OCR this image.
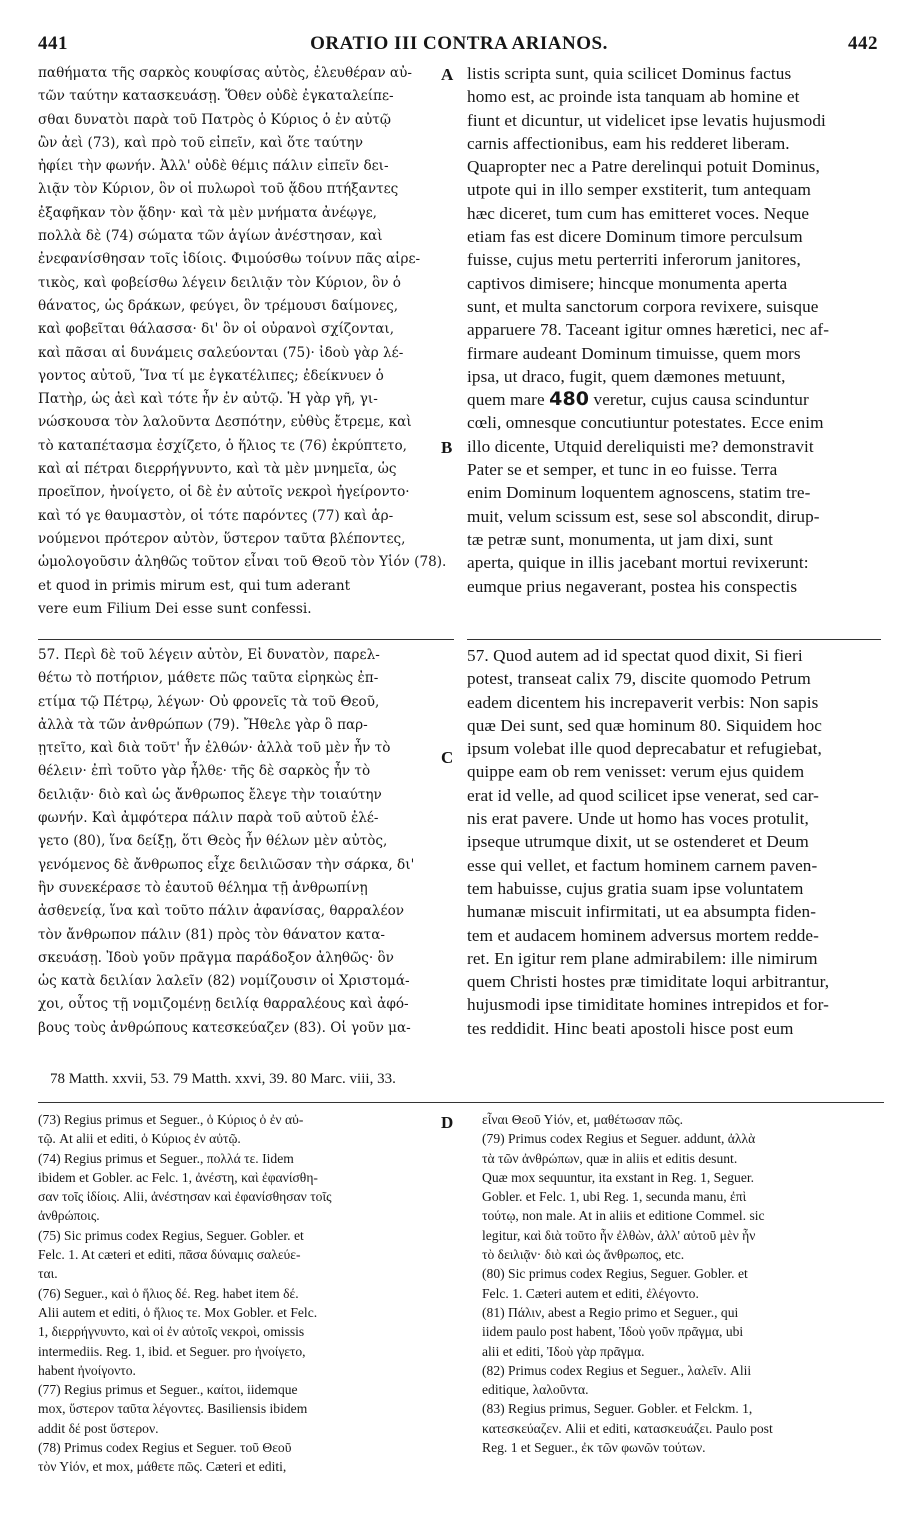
441	ORATIO III CONTRA ARIANOS.	442
A
B
C
D
παθήματα τῆς σαρκὸς κουφίσας αὐτὸς, ἐλευθέραν αὐ-
τῶν ταύτην κατασκευάσῃ. Ὅθεν οὐδὲ ἐγκαταλείπε-
σθαι δυνατὸι παρὰ τοῦ Πατρὸς ὁ Κύριος ὁ ἐν αὐτῷ
ὢν ἀεὶ (73), καὶ πρὸ τοῦ εἰπεῖν, καὶ ὅτε ταύτην
ἠφίει τὴν φωνήν. Ἀλλ' οὐδὲ θέμις πάλιν εἰπεῖν δει-
λιᾷν τὸν Κύριον, ὃν οἱ πυλωροὶ τοῦ ᾅδου πτήξαντες
ἐξαφῆκαν τὸν ᾅδην· καὶ τὰ μὲν μνήματα ἀνέῳγε,
πολλὰ δὲ (74) σώματα τῶν ἁγίων ἀνέστησαν, καὶ
ἐνεφανίσθησαν τοῖς ἰδίοις. Φιμούσθω τοίνυν πᾶς αἱρε-
τικὸς, καὶ φοβείσθω λέγειν δειλιᾷν τὸν Κύριον, ὃν ὁ
θάνατος, ὡς δράκων, φεύγει, ὃν τρέμουσι δαίμονες,
καὶ φοβεῖται θάλασσα· δι' ὃν οἱ οὐρανοὶ σχίζονται,
καὶ πᾶσαι αἱ δυνάμεις σαλεύονται (75)· ἰδοὺ γὰρ λέ-
γοντος αὐτοῦ, Ἵνα τί με ἐγκατέλιπες; ἐδείκνυεν ὁ
Πατὴρ, ὡς ἀεὶ καὶ τότε ἦν ἐν αὐτῷ. Ἡ γὰρ γῆ, γι-
νώσκουσα τὸν λαλοῦντα Δεσπότην, εὐθὺς ἔτρεμε, καὶ
τὸ καταπέτασμα ἐσχίζετο, ὁ ἥλιος τε (76) ἐκρύπτετο,
καὶ αἱ πέτραι διερρήγνυντο, καὶ τὰ μὲν μνημεῖα, ὡς
προεῖπον, ἠνοίγετο, οἱ δὲ ἐν αὐτοῖς νεκροὶ ἠγείροντο·
καὶ τό γε θαυμαστὸν, οἱ τότε παρόντες (77) καὶ ἀρ-
νούμενοι πρότερον αὐτὸν, ὕστερον ταῦτα βλέποντες,
ὡμολογοῦσιν ἀληθῶς τοῦτον εἶναι τοῦ Θεοῦ τὸν Υἱόν (78).
et quod in primis mirum est, qui tum aderant
vere eum Filium Dei esse sunt confessi.
listis scripta sunt, quia scilicet Dominus factus
homo est, ac proinde ista tanquam ab homine et
fiunt et dicuntur, ut videlicet ipse levatis hujusmodi
carnis affectionibus, eam his redderet liberam.
Quapropter nec a Patre derelinqui potuit Dominus,
utpote qui in illo semper exstiterit, tum antequam
hæc diceret, tum cum has emitteret voces. Neque
etiam fas est dicere Dominum timore perculsum
fuisse, cujus metu perterriti inferorum janitores,
captivos dimisere; hincque monumenta aperta
sunt, et multa sanctorum corpora revixere, suisque
apparuere 78. Taceant igitur omnes hæretici, nec af-
firmare audeant Dominum timuisse, quem mors
ipsa, ut draco, fugit, quem dæmones metuunt,
quem mare 480 veretur, cujus causa scinduntur
cœli, omnesque concutiuntur potestates. Ecce enim
illo dicente, Utquid dereliquisti me? demonstravit
Pater se et semper, et tunc in eo fuisse. Terra
enim Dominum loquentem agnoscens, statim tre-
muit, velum scissum est, sese sol abscondit, dirup-
tæ petræ sunt, monumenta, ut jam dixi, sunt
aperta, quique in illis jacebant mortui revixerunt:
eumque prius negaverant, postea his conspectis
57. Περὶ δὲ τοῦ λέγειν αὐτὸν, Εἰ δυνατὸν, παρελ-
θέτω τὸ ποτήριον, μάθετε πῶς ταῦτα εἰρηκὼς ἐπ-
ετίμα τῷ Πέτρῳ, λέγων· Οὐ φρονεῖς τὰ τοῦ Θεοῦ,
ἀλλὰ τὰ τῶν ἀνθρώπων (79). Ἤθελε γὰρ ὃ παρ-
ῃτεῖτο, καὶ διὰ τοῦτ' ἦν ἐλθών· ἀλλὰ τοῦ μὲν ἦν τὸ
θέλειν· ἐπὶ τοῦτο γὰρ ἦλθε· τῆς δὲ σαρκὸς ἦν τὸ
δειλιᾷν· διὸ καὶ ὡς ἄνθρωπος ἔλεγε τὴν τοιαύτην
φωνήν. Καὶ ἀμφότερα πάλιν παρὰ τοῦ αὐτοῦ ἐλέ-
γετο (80), ἵνα δείξῃ, ὅτι Θεὸς ἦν θέλων μὲν αὐτὸς,
γενόμενος δὲ ἄνθρωπος εἶχε δειλιῶσαν τὴν σάρκα, δι'
ἣν συνεκέρασε τὸ ἑαυτοῦ θέλημα τῇ ἀνθρωπίνῃ
ἀσθενείᾳ, ἵνα καὶ τοῦτο πάλιν ἀφανίσας, θαρραλέον
τὸν ἄνθρωπον πάλιν (81) πρὸς τὸν θάνατον κατα-
σκευάσῃ. Ἰδοὺ γοῦν πρᾶγμα παράδοξον ἀληθῶς· ὃν
ὡς κατὰ δειλίαν λαλεῖν (82) νομίζουσιν οἱ Χριστομά-
χοι, οὗτος τῇ νομιζομένῃ δειλίᾳ θαρραλέους καὶ ἀφό-
βους τοὺς ἀνθρώπους κατεσκεύαζεν (83). Οἱ γοῦν μα-
57. Quod autem ad id spectat quod dixit, Si fieri
potest, transeat calix 79, discite quomodo Petrum
eadem dicentem his increpaverit verbis: Non sapis
quæ Dei sunt, sed quæ hominum 80. Siquidem hoc
ipsum volebat ille quod deprecabatur et refugiebat,
quippe eam ob rem venisset: verum ejus quidem
erat id velle, ad quod scilicet ipse venerat, sed car-
nis erat pavere. Unde ut homo has voces protulit,
ipseque utrumque dixit, ut se ostenderet et Deum
esse qui vellet, et factum hominem carnem paven-
tem habuisse, cujus gratia suam ipse voluntatem
humanæ miscuit infirmitati, ut ea absumpta fiden-
tem et audacem hominem adversus mortem redde-
ret. En igitur rem plane admirabilem: ille nimirum
quem Christi hostes præ timiditate loqui arbitrantur,
hujusmodi ipse timiditate homines intrepidos et for-
tes reddidit. Hinc beati apostoli hisce post eum
78 Matth. xxvii, 53. 79 Matth. xxvi, 39. 80 Marc. viii, 33.
(73) Regius primus et Seguer., ὁ Κύριος ὁ ἐν αὐ-
τῷ. At alii et editi, ὁ Κύριος ἐν αὐτῷ.
(74) Regius primus et Seguer., πολλά τε. Iidem
ibidem et Gobler. ac Felc. 1, ἀνέστη, καὶ ἐφανίσθη-
σαν τοῖς ἰδίοις. Alii, ἀνέστησαν καὶ ἐφανίσθησαν τοῖς
ἀνθρώποις.
(75) Sic primus codex Regius, Seguer. Gobler. et
Felc. 1. At cæteri et editi, πᾶσα δύναμις σαλεύε-
ται.
(76) Seguer., καὶ ὁ ἥλιος δέ. Reg. habet item δέ.
Alii autem et editi, ὁ ἥλιος τε. Mox Gobler. et Felc.
1, διερρήγνυντο, καὶ οἱ ἐν αὐτοῖς νεκροὶ, omissis
intermediis. Reg. 1, ibid. et Seguer. pro ἠνοίγετο,
habent ἠνοίγοντο.
(77) Regius primus et Seguer., καίτοι, iidemque
mox, ὕστερον ταῦτα λέγοντες. Basiliensis ibidem
addit δέ post ὕστερον.
(78) Primus codex Regius et Seguer. τοῦ Θεοῦ
τὸν Υἱόν, et mox, μάθετε πῶς. Cæteri et editi,
εἶναι Θεοῦ Υἱόν, et, μαθέτωσαν πῶς.
(79) Primus codex Regius et Seguer. addunt, ἀλλὰ
τὰ τῶν ἀνθρώπων, quæ in aliis et editis desunt.
Quæ mox sequuntur, ita exstant in Reg. 1, Seguer.
Gobler. et Felc. 1, ubi Reg. 1, secunda manu, ἐπὶ
τούτῳ, non male. At in aliis et editione Commel. sic
legitur, καὶ διὰ τοῦτο ἦν ἐλθὼν, ἀλλ' αὐτοῦ μὲν ἦν
τὸ δειλιᾷν· διὸ καὶ ὡς ἄνθρωπος, etc.
(80) Sic primus codex Regius, Seguer. Gobler. et
Felc. 1. Cæteri autem et editi, ἐλέγοντο.
(81) Πάλιν, abest a Regio primo et Seguer., qui
iidem paulo post habent, Ἰδοὺ γοῦν πρᾶγμα, ubi
alii et editi, Ἰδοὺ γὰρ πρᾶγμα.
(82) Primus codex Regius et Seguer., λαλεῖν. Alii
editique, λαλοῦντα.
(83) Regius primus, Seguer. Gobler. et Felckm. 1,
κατεσκεύαζεν. Alii et editi, κατασκευάζει. Paulo post
Reg. 1 et Seguer., ἐκ τῶν φωνῶν τούτων.
